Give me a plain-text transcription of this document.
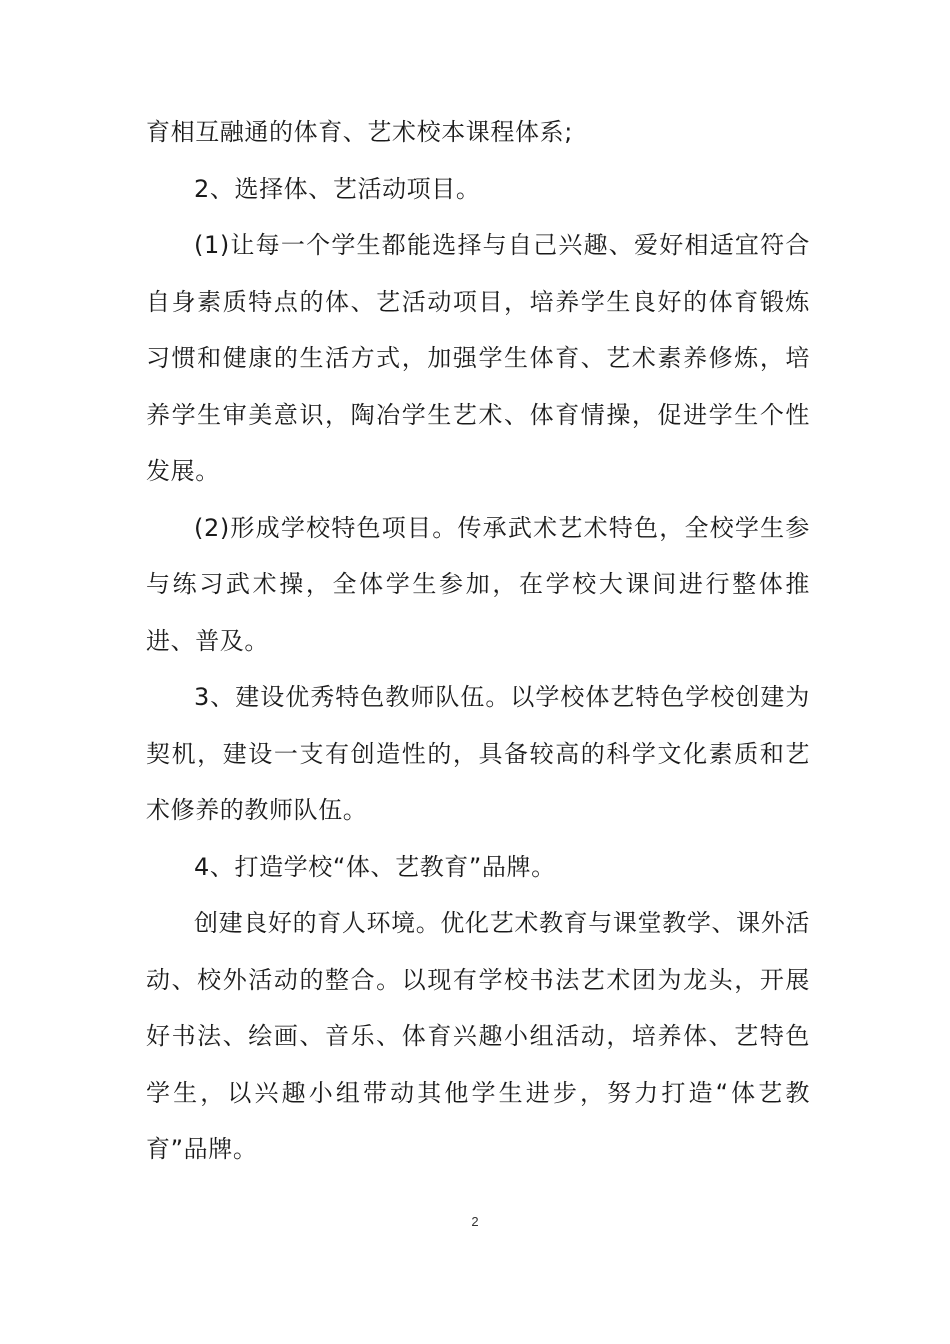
育相互融通的体育、艺术校本课程体系;

2、选择体、艺活动项目。

(1)让每一个学生都能选择与自己兴趣、爱好相适宜符合自身素质特点的体、艺活动项目，培养学生良好的体育锻炼习惯和健康的生活方式，加强学生体育、艺术素养修炼，培养学生审美意识，陶冶学生艺术、体育情操，促进学生个性发展。

(2)形成学校特色项目。传承武术艺术特色，全校学生参与练习武术操，全体学生参加，在学校大课间进行整体推进、普及。

3、建设优秀特色教师队伍。以学校体艺特色学校创建为契机，建设一支有创造性的，具备较高的科学文化素质和艺术修养的教师队伍。

4、打造学校“体、艺教育”品牌。

创建良好的育人环境。优化艺术教育与课堂教学、课外活动、校外活动的整合。以现有学校书法艺术团为龙头，开展好书法、绘画、音乐、体育兴趣小组活动，培养体、艺特色学生，以兴趣小组带动其他学生进步，努力打造“体艺教育”品牌。

2
